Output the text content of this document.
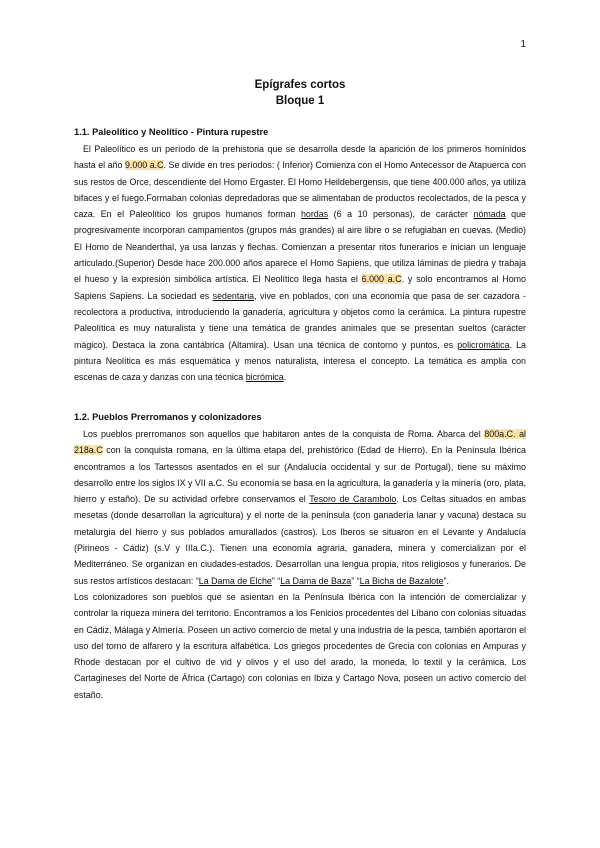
1
Epígrafes cortos
Bloque 1
1.1. Paleolítico y Neolítico - Pintura rupestre

El Paleolítico es un período de la prehistoria que se desarrolla desde la aparición de los primeros homínidos hasta el año 9.000 a.C. Se divide en tres períodos: ( Inferior) Comienza con el Homo Antecessor de Atapuerca con sus restos de Orce, descendiente del Homo Ergaster. El Homo Heildebergensis, que tiene 400.000 años, ya utiliza bifaces y el fuego.Formaban colonias depredadoras que se alimentaban de productos recolectados, de la pesca y caza. En el Paleolítico los grupos humanos forman hordas (6 a 10 personas), de carácter nómada que progresivamente incorporan campamentos (grupos más grandes) al aire libre o se refugiaban en cuevas. (Medio) El Homo de Neanderthal, ya usa lanzas y flechas. Comienzan a presentar ritos funerarios e inician un lenguaje articulado.(Superior) Desde hace 200.000 años aparece el Homo Sapiens, que utiliza láminas de piedra y trabaja el hueso y la expresión simbólica artística. El Neolítico llega hasta el 6.000 a.C. y solo encontramos al Homo Sapiens Sapiens. La sociedad es sedentaria, vive en poblados, con una economía que pasa de ser cazadora - recolectora a productiva, introduciendo la ganadería, agricultura y objetos como la cerámica. La pintura rupestre Paleolítica es muy naturalista y tiene una temática de grandes animales que se presentan sueltos (carácter mágico). Destaca la zona cantábrica (Altamira). Usan una técnica de contorno y puntos, es policromática. La pintura Neolítica es más esquemática y menos naturalista, interesa el concepto. La temática es amplia con escenas de caza y danzas con una técnica bicrómica.

1.2. Pueblos Prerromanos y colonizadores

Los pueblos prerromanos son aquellos que habitaron antes de la conquista de Roma. Abarca del 800a.C. al 218a.C con la conquista romana, en la última etapa del, prehistórico (Edad de Hierro). En la Península Ibérica encontramos a los Tartessos asentados en el sur (Andalucía occidental y sur de Portugal), tiene su máximo desarrollo entre los siglos IX y VII a.C. Su economía se basa en la agricultura, la ganadería y la minería (oro, plata, hierro y estaño). De su actividad orfebre conservamos el Tesoro de Carambolo. Los Celtas situados en ambas mesetas (donde desarrollan la agricultura) y el norte de la península (con ganadería lanar y vacuna) destaca su metalurgia del hierro y sus poblados amurallados (castros). Los Iberos se situaron en el Levante y Andalucía (Pirineos - Cádiz) (s.V y IIIa.C.). Tienen una economía agraria, ganadera, minera y comercializan por el Mediterráneo. Se organizan en ciudades-estados. Desarrollan una lengua propia, ritos religiosos y funerarios. De sus restos artísticos destacan: “La Dama de Elche” “La Dama de Baza” “La Bicha de Bazalote”.

Los colonizadores son pueblos que se asientan en la Península Ibérica con la intención de comercializar y controlar la riqueza minera del territorio. Encontramos a los Fenicios procedentes del Líbano con colonias situadas en Cádiz, Málaga y Almería. Poseen un activo comercio de metal y una industria de la pesca, también aportaron el uso del torno de alfarero y la escritura alfabética. Los griegos procedentes de Grecia con colonias en Ampuras y Rhode destacan por el cultivo de vid y olivos y el uso del arado, la moneda, lo textil y la cerámica. Los Cartagineses del Norte de África (Cartago) con colonias en Ibiza y Cartago Nova, poseen un activo comercio del estaño.
